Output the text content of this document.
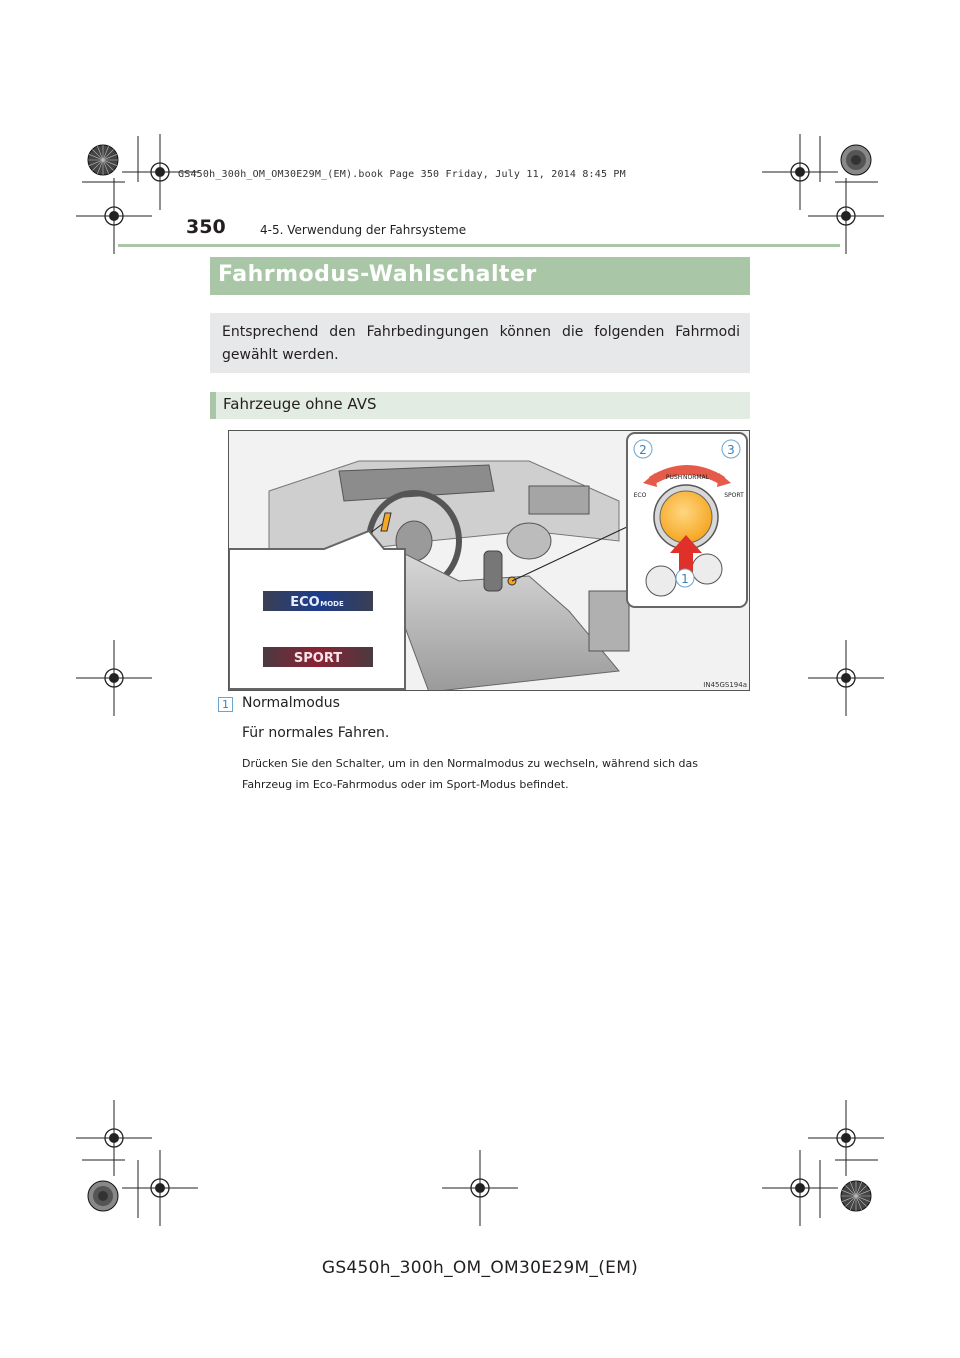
GS450h_300h_OM_OM30E29M_(EM).book Page 350 Friday, July 11, 2014 8:45 PM
350	4-5. Verwendung der Fahrsysteme
Fahrmodus-Wahlschalter
Entsprechend den Fahrbedingungen können die folgenden Fahrmodi gewählt werden.
Fahrzeuge ohne AVS
ECO MODE
SPORT
PUSH NORMAL
ECO	SPORT
2	3
1
IN45GS194a
1 Normalmodus
Für normales Fahren.
Drücken Sie den Schalter, um in den Normalmodus zu wechseln, während sich das Fahrzeug im Eco-Fahrmodus oder im Sport-Modus befindet.
GS450h_300h_OM_OM30E29M_(EM)
